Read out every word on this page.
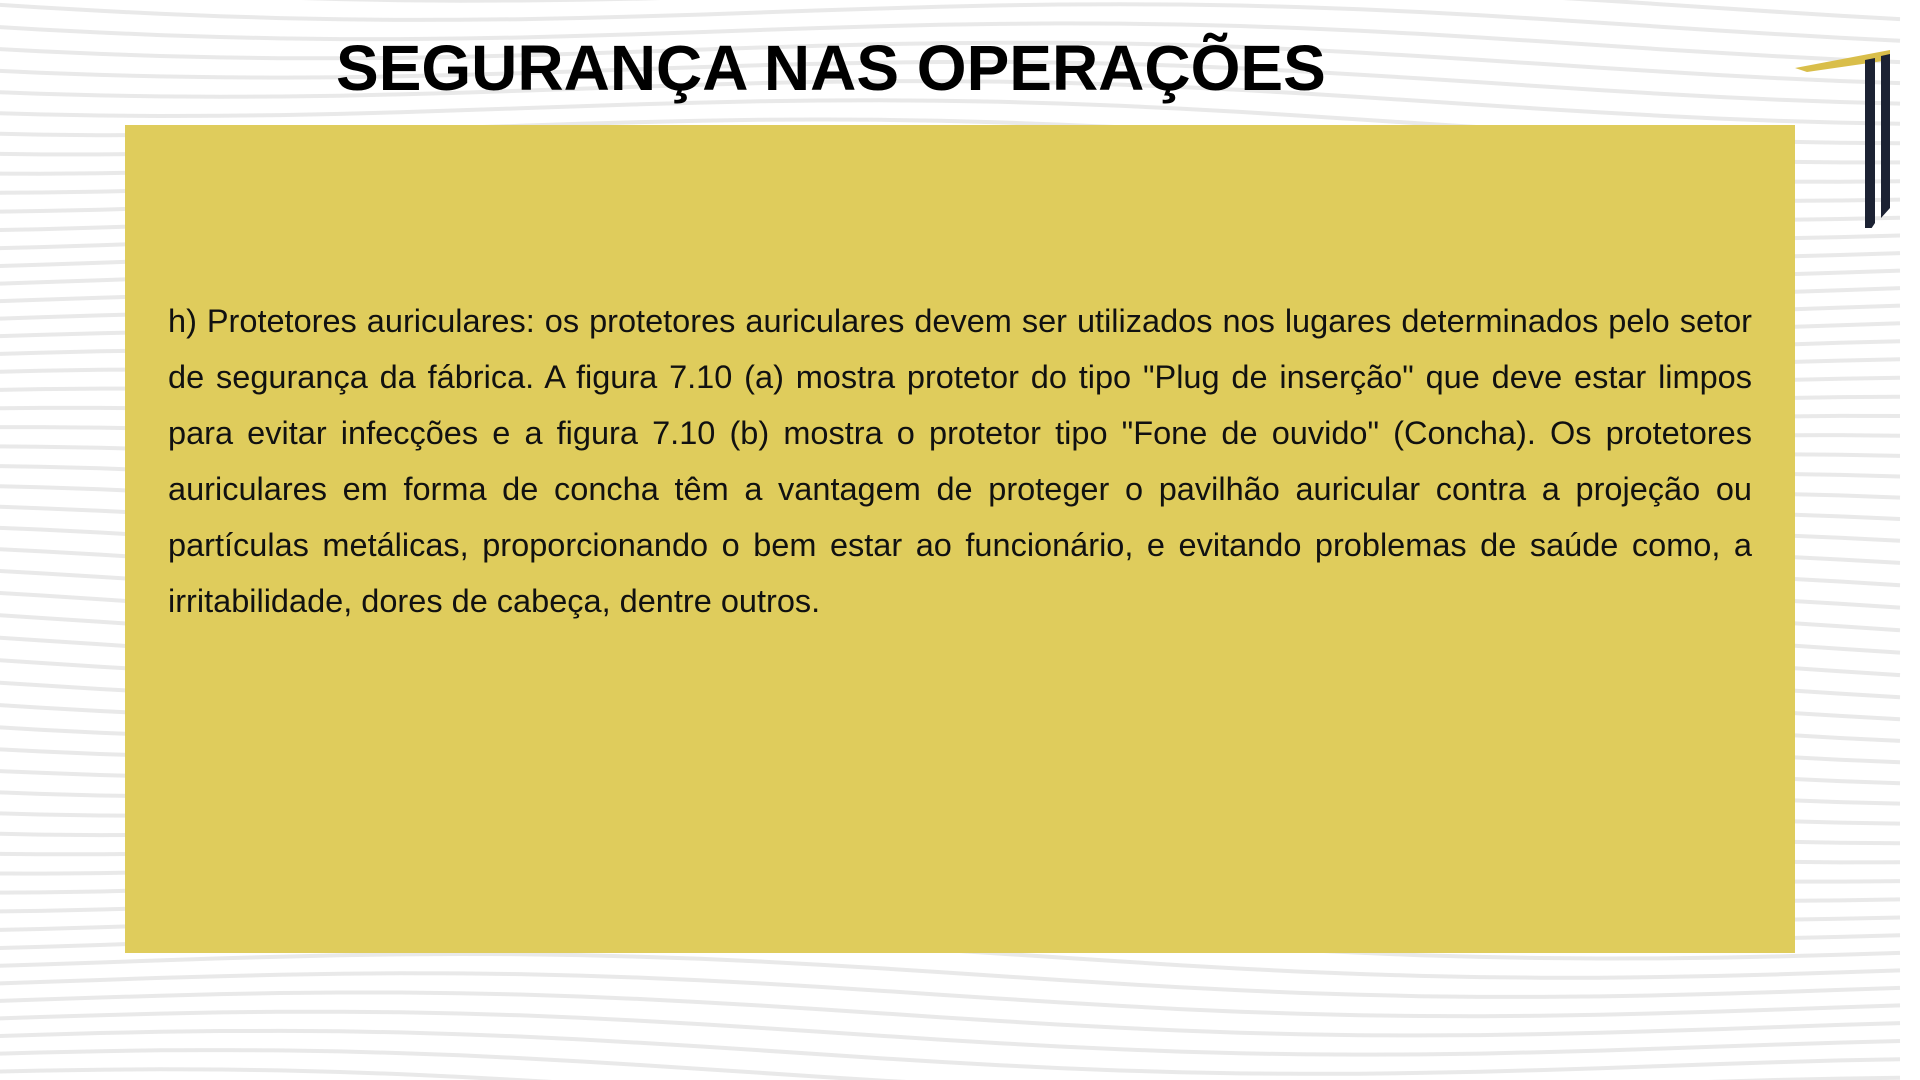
SEGURANÇA NAS OPERAÇÕES

h) Protetores auriculares: os protetores auriculares devem ser utilizados nos lugares determinados pelo setor de segurança da fábrica. A figura 7.10 (a) mostra protetor do tipo "Plug de inserção" que deve estar limpos para evitar infecções e a figura 7.10 (b) mostra o protetor tipo "Fone de ouvido" (Concha). Os protetores auriculares em forma de concha têm a vantagem de proteger o pavilhão auricular contra a projeção ou partículas metálicas, proporcionando o bem estar ao funcionário, e evitando problemas de saúde como, a irritabilidade, dores de cabeça, dentre outros.
